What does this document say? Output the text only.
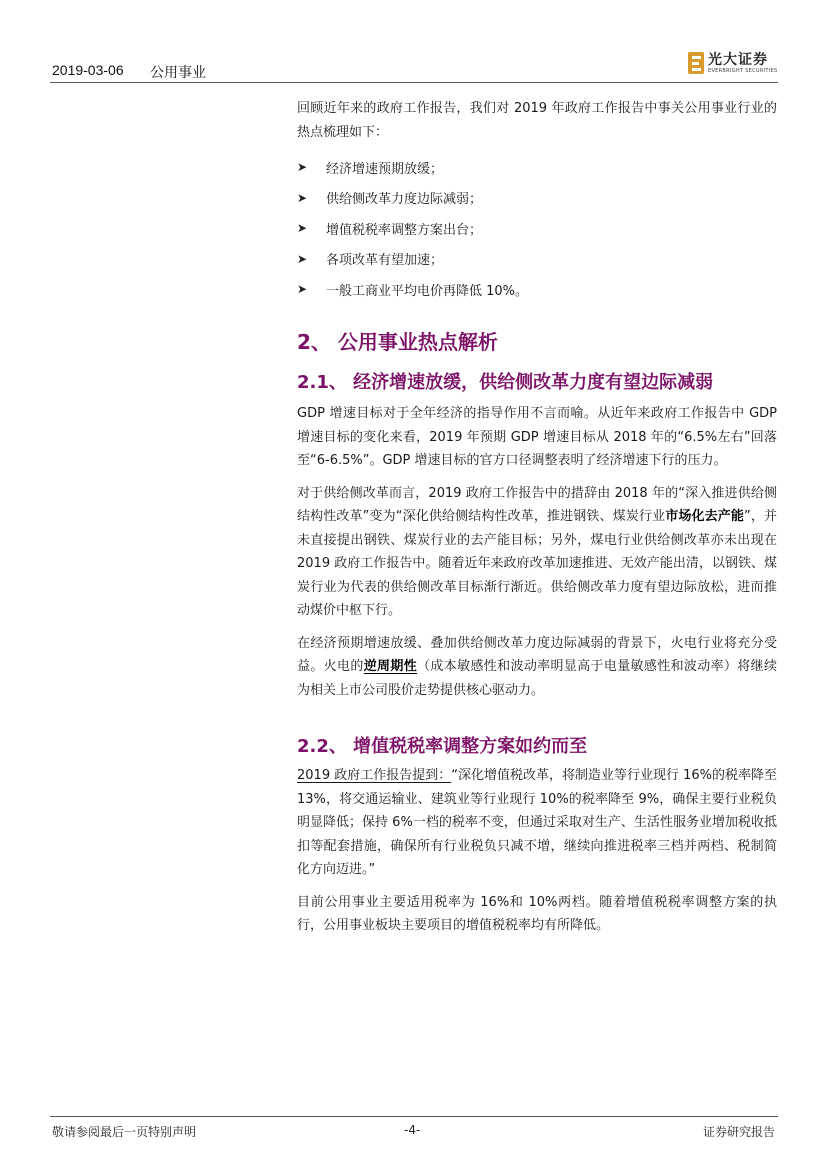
2019-03-06 公用事业
光大证券
EVERBRIGHT SECURITIES

回顾近年来的政府工作报告，我们对 2019 年政府工作报告中事关公用事业行业的热点梳理如下：

➤	经济增速预期放缓；
➤	供给侧改革力度边际减弱；
➤	增值税税率调整方案出台；
➤	各项改革有望加速；
➤	一般工商业平均电价再降低 10%。
2、 公用事业热点解析
2.1、 经济增速放缓，供给侧改革力度有望边际减弱

GDP 增速目标对于全年经济的指导作用不言而喻。从近年来政府工作报告中 GDP 增速目标的变化来看，2019 年预期 GDP 增速目标从 2018 年的“6.5%左右”回落至“6-6.5%”。GDP 增速目标的官方口径调整表明了经济增速下行的压力。

对于供给侧改革而言，2019 政府工作报告中的措辞由 2018 年的“深入推进供给侧结构性改革”变为“深化供给侧结构性改革，推进钢铁、煤炭行业市场化去产能”，并未直接提出钢铁、煤炭行业的去产能目标；另外，煤电行业供给侧改革亦未出现在 2019 政府工作报告中。随着近年来政府改革加速推进、无效产能出清，以钢铁、煤炭行业为代表的供给侧改革目标渐行渐近。供给侧改革力度有望边际放松，进而推动煤价中枢下行。

在经济预期增速放缓、叠加供给侧改革力度边际减弱的背景下，火电行业将充分受益。火电的逆周期性（成本敏感性和波动率明显高于电量敏感性和波动率）将继续为相关上市公司股价走势提供核心驱动力。

2.2、 增值税税率调整方案如约而至

2019 政府工作报告提到：“深化增值税改革，将制造业等行业现行 16%的税率降至 13%，将交通运输业、建筑业等行业现行 10%的税率降至 9%，确保主要行业税负明显降低；保持 6%一档的税率不变，但通过采取对生产、生活性服务业增加税收抵扣等配套措施，确保所有行业税负只减不增，继续向推进税率三档并两档、税制简化方向迈进。”

目前公用事业主要适用税率为 16%和 10%两档。随着增值税税率调整方案的执行，公用事业板块主要项目的增值税税率均有所降低。

敬请参阅最后一页特别声明	-4-	证券研究报告
